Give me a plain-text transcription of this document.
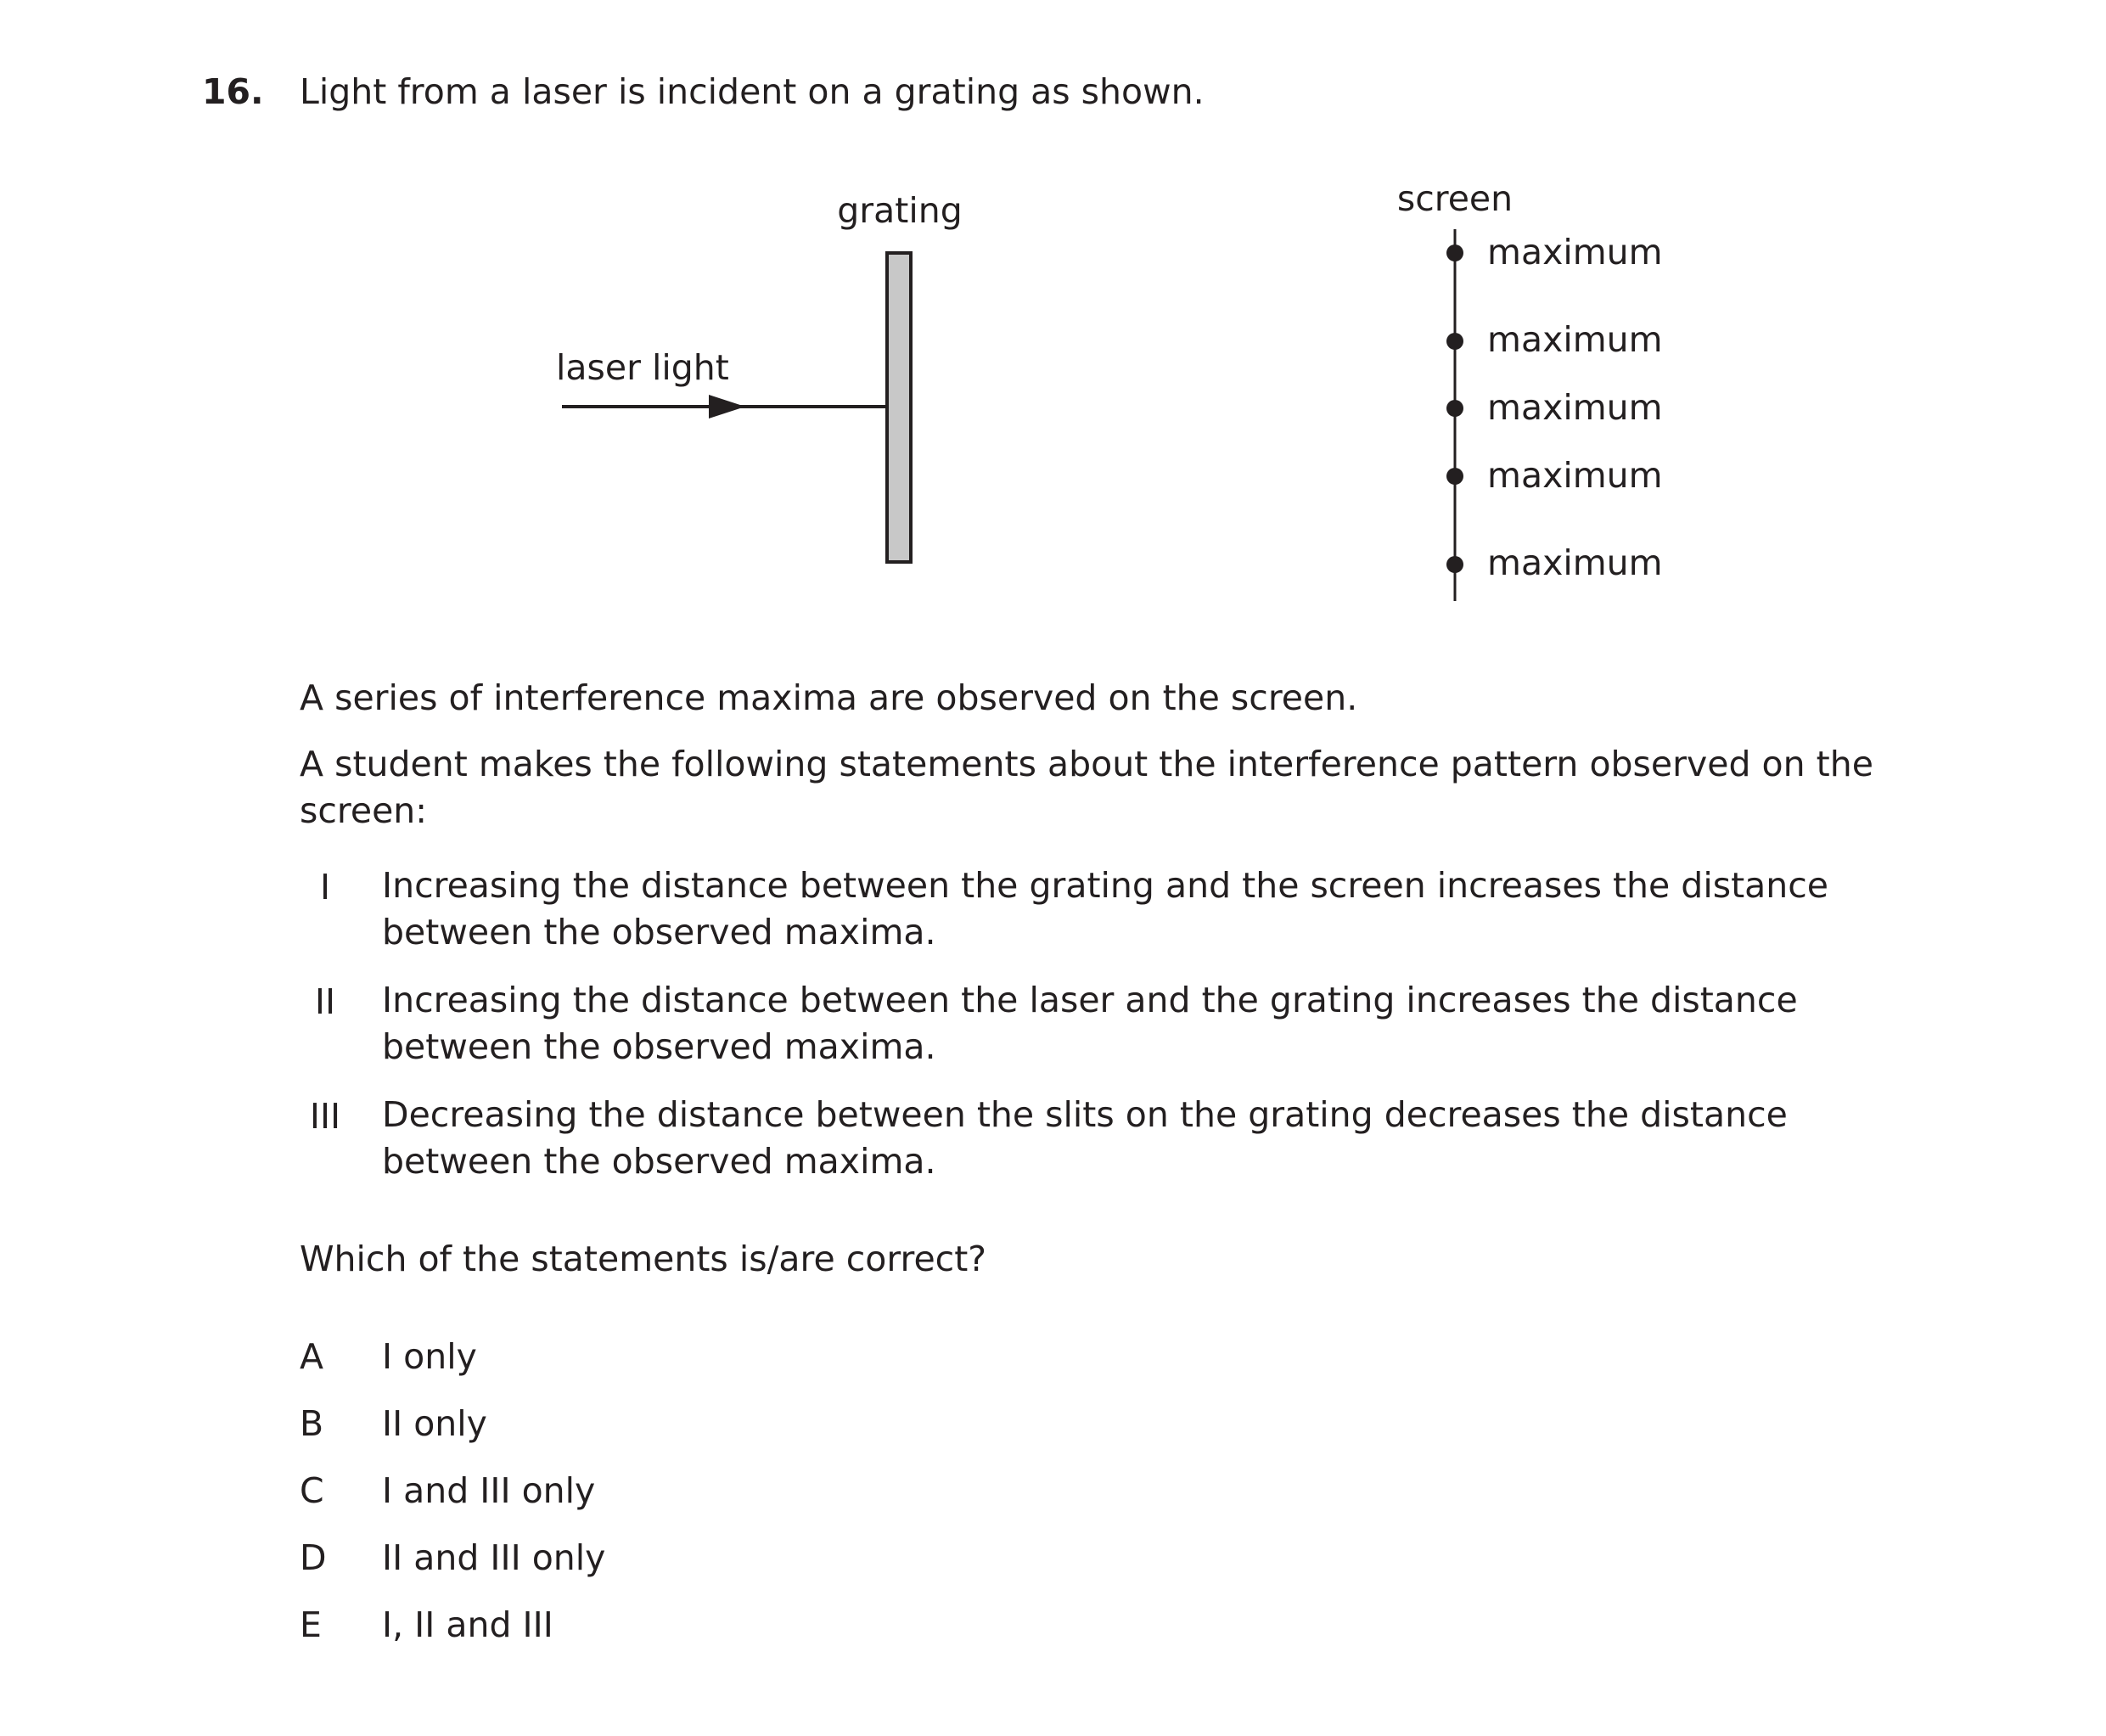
16. Light from a laser is incident on a grating as shown.
grating
laser light
screen
maximum
maximum
maximum
maximum
maximum
A series of interference maxima are observed on the screen.
A student makes the following statements about the interference pattern observed on the
screen:
I	Increasing the distance between the grating and the screen increases the distance
between the observed maxima.
II	Increasing the distance between the laser and the grating increases the distance
between the observed maxima.
III Decreasing the distance between the slits on the grating decreases the distance
between the observed maxima.
Which of the statements is/are correct?
A I only
B II only
C I and III only
D II and III only
E I, II and III
